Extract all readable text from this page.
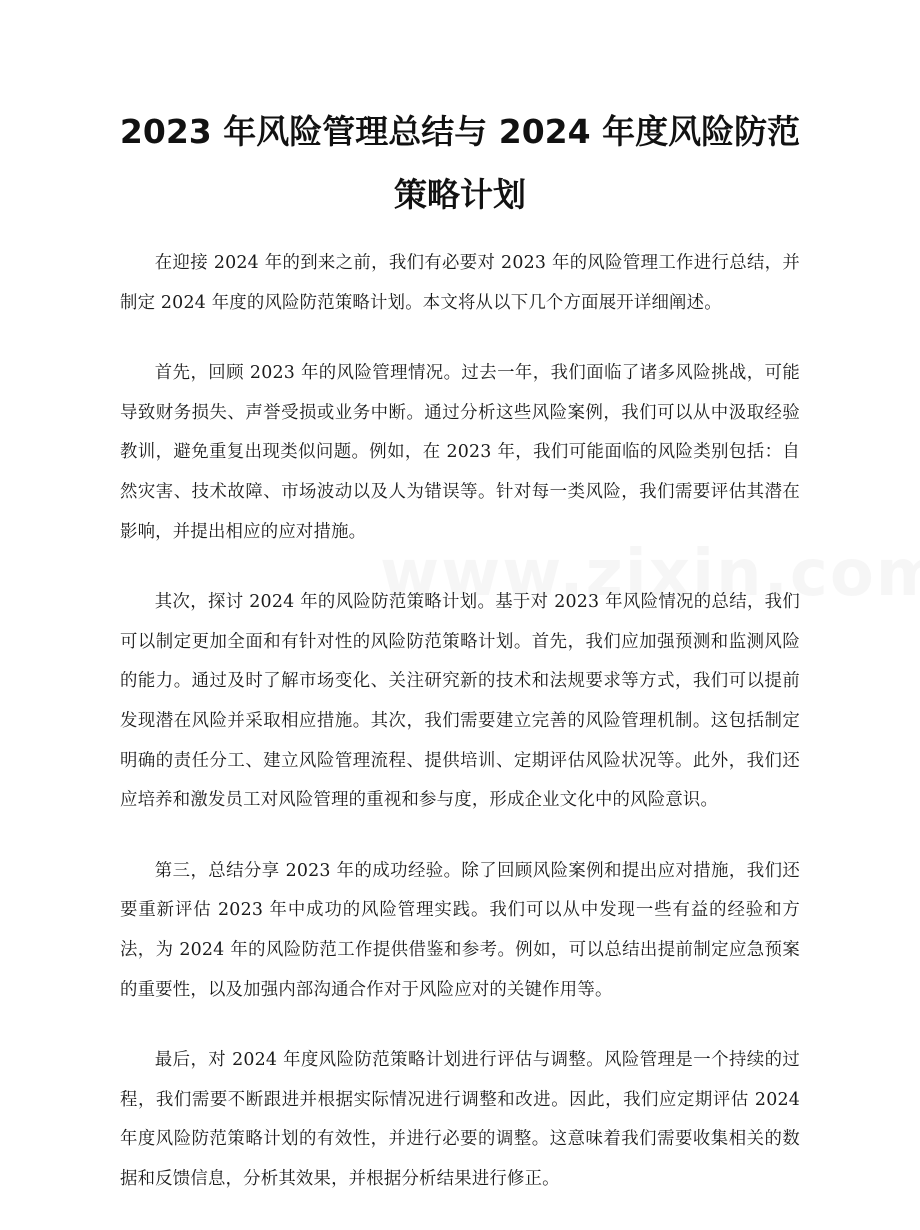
2023 年风险管理总结与 2024 年度风险防范
策略计划

在迎接 2024 年的到来之前，我们有必要对 2023 年的风险管理工作进行总结，并制定 2024 年度的风险防范策略计划。本文将从以下几个方面展开详细阐述。

首先，回顾 2023 年的风险管理情况。过去一年，我们面临了诸多风险挑战，可能导致财务损失、声誉受损或业务中断。通过分析这些风险案例，我们可以从中汲取经验教训，避免重复出现类似问题。例如，在 2023 年，我们可能面临的风险类别包括：自然灾害、技术故障、市场波动以及人为错误等。针对每一类风险，我们需要评估其潜在影响，并提出相应的应对措施。

其次，探讨 2024 年的风险防范策略计划。基于对 2023 年风险情况的总结，我们可以制定更加全面和有针对性的风险防范策略计划。首先，我们应加强预测和监测风险的能力。通过及时了解市场变化、关注研究新的技术和法规要求等方式，我们可以提前发现潜在风险并采取相应措施。其次，我们需要建立完善的风险管理机制。这包括制定明确的责任分工、建立风险管理流程、提供培训、定期评估风险状况等。此外，我们还应培养和激发员工对风险管理的重视和参与度，形成企业文化中的风险意识。

第三，总结分享 2023 年的成功经验。除了回顾风险案例和提出应对措施，我们还要重新评估 2023 年中成功的风险管理实践。我们可以从中发现一些有益的经验和方法，为 2024 年的风险防范工作提供借鉴和参考。例如，可以总结出提前制定应急预案的重要性，以及加强内部沟通合作对于风险应对的关键作用等。

最后，对 2024 年度风险防范策略计划进行评估与调整。风险管理是一个持续的过程，我们需要不断跟进并根据实际情况进行调整和改进。因此，我们应定期评估 2024 年度风险防范策略计划的有效性，并进行必要的调整。这意味着我们需要收集相关的数据和反馈信息，分析其效果，并根据分析结果进行修正。
